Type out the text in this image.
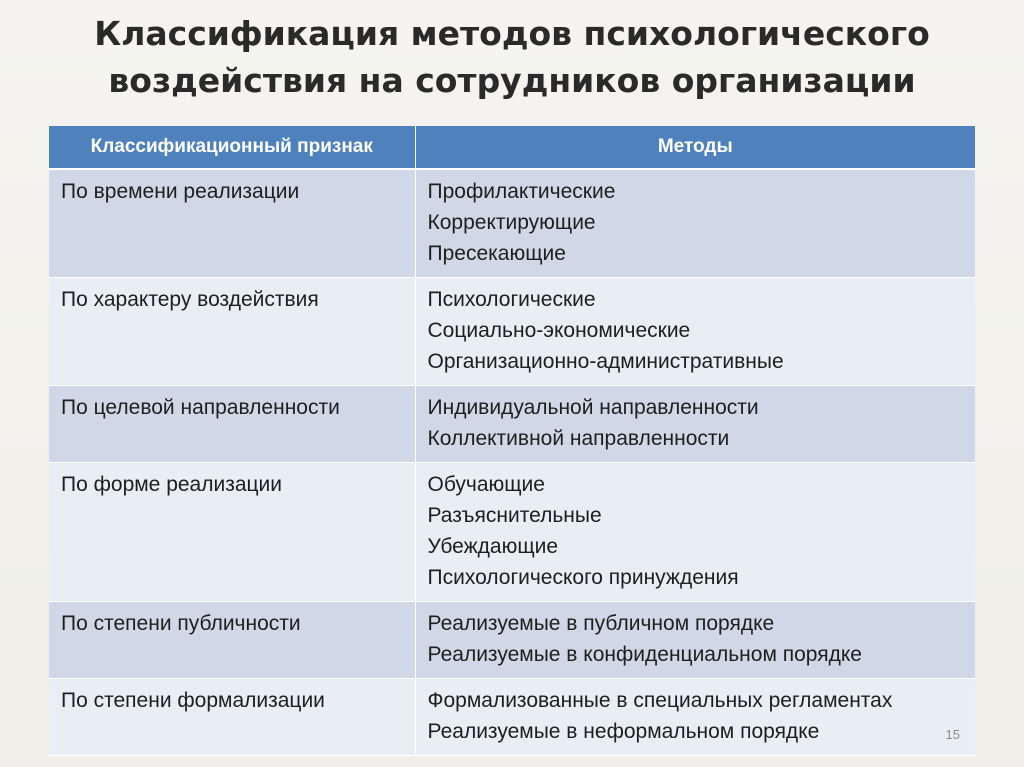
Классификация методов психологического
воздействия на сотрудников организации
Классификационный признак	Методы
По времени реализации	Профилактические
Корректирующие
Пресекающие

По характеру воздействия	Психологические
Социально-экономические
Организационно-административные

По целевой направленности	Индивидуальной направленности
Коллективной направленности

По форме реализации	Обучающие
Разъяснительные
Убеждающие
Психологического принуждения

По степени публичности	Реализуемые в публичном порядке
Реализуемые в конфиденциальном порядке

По степени формализации	Формализованные в специальных регламентах
Реализуемые в неформальном порядке	15
